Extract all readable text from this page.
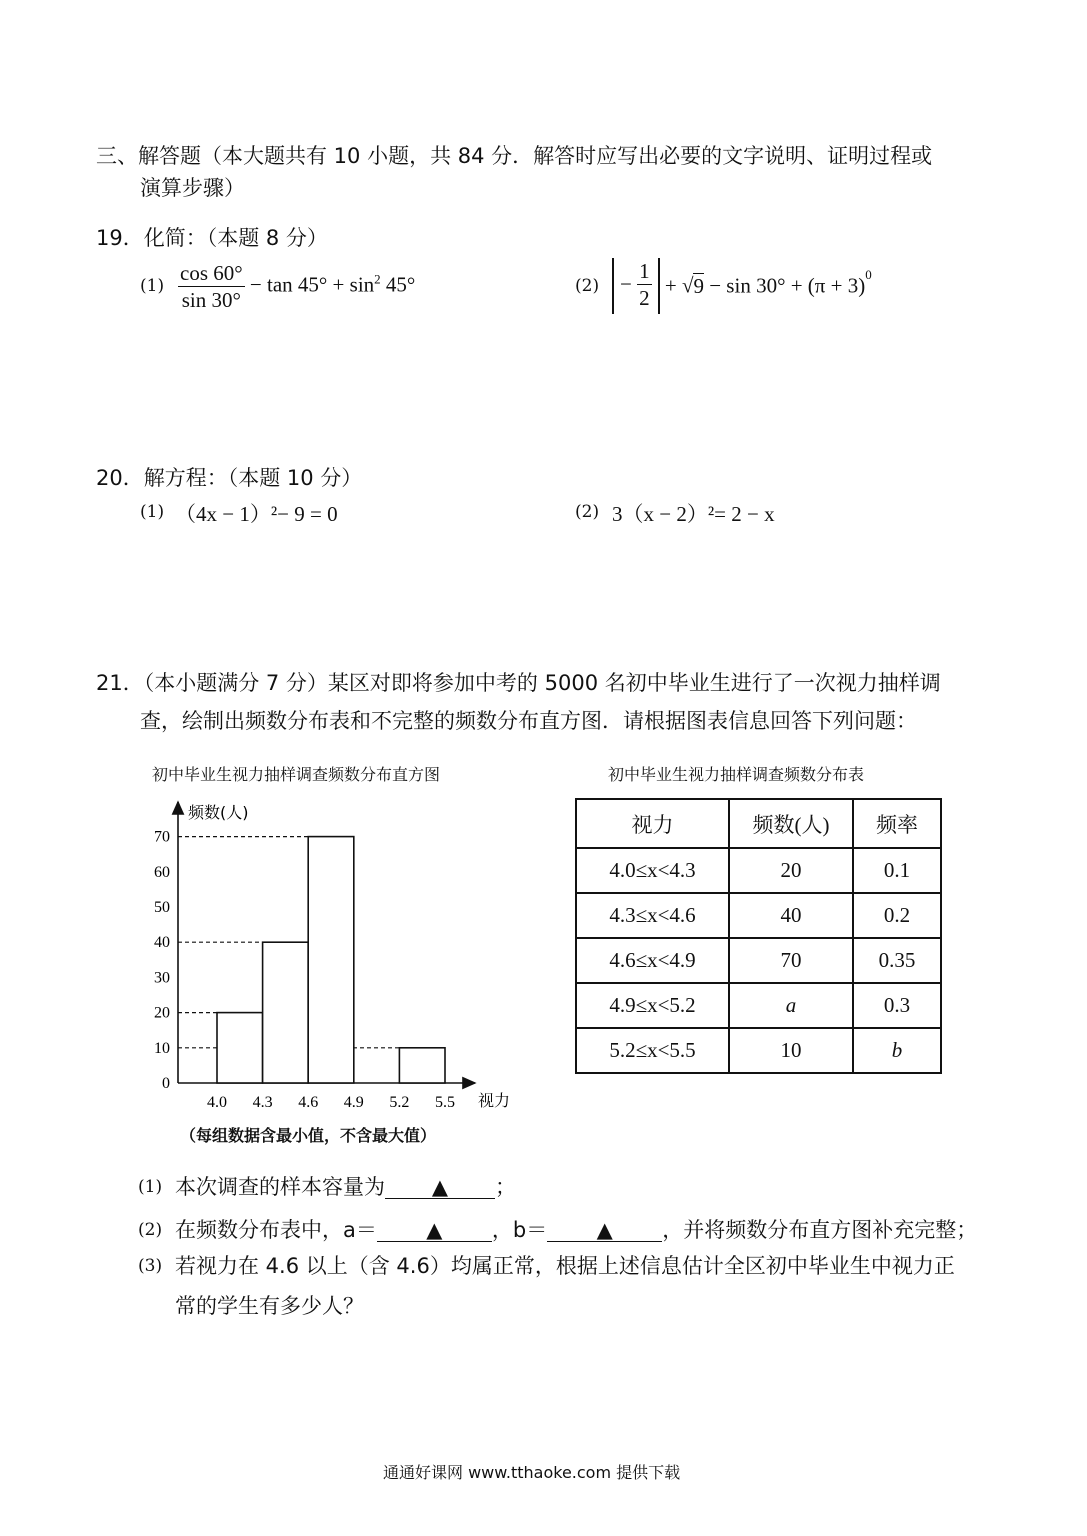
三、解答题（本大题共有 10 小题，共 84 分．解答时应写出必要的文字说明、证明过程或
演算步骤）
19．化简：（本题 8 分）
$(1) \frac{\cos 60^\circ}{\sin 30^\circ} - \tan 45^\circ + \sin^2 45^\circ$	$(2) - \frac{1}{2} + √9 - \sin 30^\circ + (\pi + 3)^0$
20．解方程：（本题 10 分）
(1) （4x − 1）²− 9 = 0	(2) 3（x − 2）²= 2 − x
21．（本小题满分 7 分）某区对即将参加中考的 5000 名初中毕业生进行了一次视力抽样调
查，绘制出频数分布表和不完整的频数分布直方图．请根据图表信息回答下列问题：
初中毕业生视力抽样调查频数分布直方图	初中毕业生视力抽样调查频数分布表
频数(人)
视力
0
10
20
30
40
50
60
70
4.0 4.3 4.6 4.9 5.2 5.5
（每组数据含最小值，不含最大值）
视力	频数(人)	频率
4.0≤x<4.3	20	0.1
4.3≤x<4.6	40	0.2
4.6≤x<4.9	70	0.35
4.9≤x<5.2	a	0.3
5.2≤x<5.5	10	b
(1) 本次调查的样本容量为 ▲ ；
(2) 在频数分布表中，a＝ ▲ ，b＝ ▲ ，并将频数分布直方图补充完整；
(3) 若视力在 4.6 以上（含 4.6）均属正常，根据上述信息估计全区初中毕业生中视力正
常的学生有多少人？
通通好课网 www.tthaoke.com 提供下载
